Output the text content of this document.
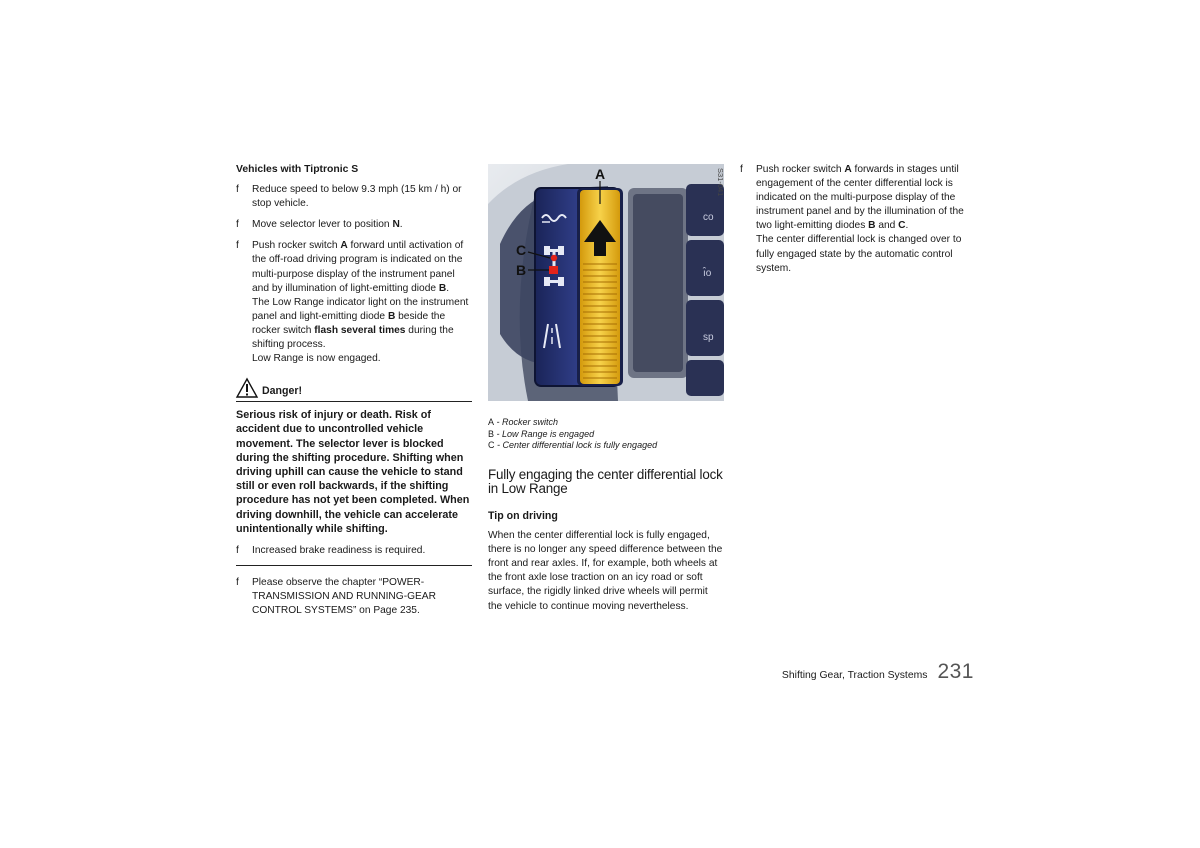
Vehicles with Tiptronic S
f Reduce speed to below 9.3 mph (15 km / h) or stop vehicle.
f Move selector lever to position N.
f Push rocker switch A forward until activation of the off-road driving program is indicated on the multi-purpose display of the instrument panel and by illumination of light-emitting diode B.
The Low Range indicator light on the instrument panel and light-emitting diode B beside the rocker switch flash several times during the shifting process.
Low Range is now engaged.
Danger!
Serious risk of injury or death. Risk of accident due to uncontrolled vehicle movement. The selector lever is blocked during the shifting procedure. Shifting when driving uphill can cause the vehicle to stand still or even roll backwards, if the shifting procedure has not yet been completed. When driving downhill, the vehicle can accelerate unintentionally while shifting.
f Increased brake readiness is required.
f Please observe the chapter “POWER-TRANSMISSION AND RUNNING-GEAR CONTROL SYSTEMS” on Page 235.
co
ı̂o
sp
A
C
B
S31-041
A - Rocker switch
B - Low Range is engaged
C - Center differential lock is fully engaged
Fully engaging the center differential lock in Low Range
Tip on driving
When the center differential lock is fully engaged, there is no longer any speed difference between the front and rear axles. If, for example, both wheels at the front axle lose traction on an icy road or soft surface, the rigidly linked drive wheels will permit the vehicle to continue moving nevertheless.
f Push rocker switch A forwards in stages until engagement of the center differential lock is indicated on the multi-purpose display of the instrument panel and by the illumination of the two light-emitting diodes B and C.
The center differential lock is changed over to fully engaged state by the automatic control system.
Shifting Gear, Traction Systems 231
